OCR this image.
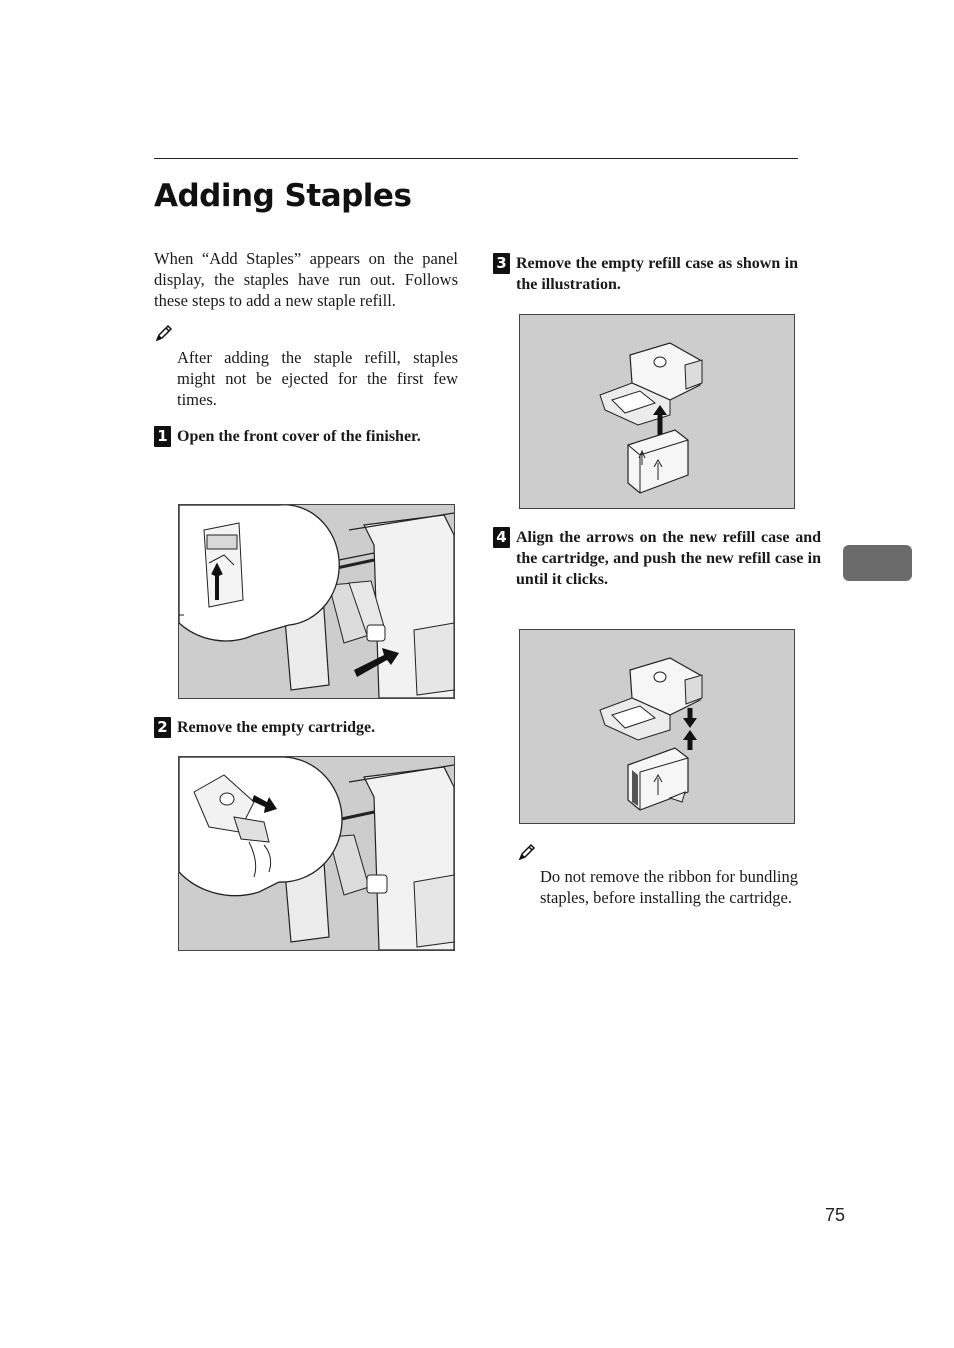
Adding Staples

When “Add Staples” appears on the panel display, the staples have run out. Follows these steps to add a new staple refill.

After adding the staple refill, staples might not be ejected for the first few times.

1 Open the front cover of the finisher.

2 Remove the empty cartridge.

3 Remove the empty refill case as shown in the illustration.

4 Align the arrows on the new refill case and the cartridge, and push the new refill case in until it clicks.

Do not remove the ribbon for bundling staples, before installing the cartridge.

75
